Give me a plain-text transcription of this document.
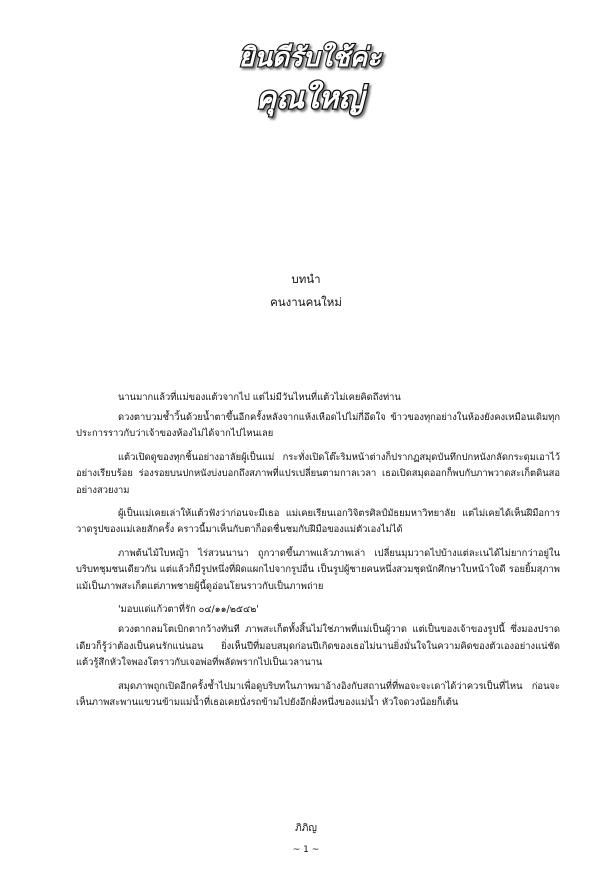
ยินดีรับใช้ค่ะ
คุณใหญ่
บทนำ
คนงานคนใหม่

นานมากแล้วที่แม่ของแต้วจากไป แต่ไม่มีวันไหนที่แต้วไม่เคยคิดถึงท่าน

ดวงตาบวมช้ำวิ้นด้วยน้ำตาขึ้นอีกครั้งหลังจากแห้งเหือดไปไม่กี่อึดใจ ข้าวของทุกอย่างในห้องยังคงเหมือนเดิมทุกประการราวกับว่าเจ้าของห้องไม่ได้จากไปไหนเลย

แต้วเปิดดูของทุกชิ้นอย่างอาลัยผู้เป็นแม่ กระทั่งเปิดโต๊ะริมหน้าต่างก็ปรากฏสมุดบันทึกปกหนังกลัดกระดุมเอาไว้อย่างเรียบร้อย ร่องรอยบนปกหนังบ่งบอกถึงสภาพที่แปรเปลี่ยนตามกาลเวลา เธอเปิดสมุดออกก็พบกับภาพวาดสะเก็ตดินสออย่างสวยงาม

ผู้เป็นแม่เคยเล่าให้แต้วฟังว่าก่อนจะมีเธอ แม่เคยเรียนเอกวิจิตรศิลป์มัธยมหาวิทยาลัย แต่ไม่เคยได้เห็นฝีมือการวาดรูปของแม่เลยสักครั้ง คราวนี้มาเห็นกับตาก็อดชื่นชมกับฝีมือของแม่ตัวเองไม่ได้

ภาพต้นไม้ใบหญ้า ไร่สวนนานา ถูกวาดขึ้นภาพแล้วภาพเล่า เปลี่ยนมุมวาดไปบ้างแต่ละเนได้ไม่ยากว่าอยู่ในบริบทชุมชนเดียวกัน แต่แล้วก็มีรูปหนึ่งที่ผิดแผกไปจากรูปอื่น เป็นรูปผู้ชายคนหนึ่งสวมชุดนักศึกษาใบหน้าใจดี รอยยิ้มสุภาพ แม้เป็นภาพสะเก็ตแต่ภาพชายผู้นี้ดูอ่อนโยนราวกับเป็นภาพถ่าย

'มอบแด่แก้วตาที่รัก ๐๔/๑๑/๒๕๔๒'

ดวงตากลมโตเบิกตากว้างทันที ภาพสะเก็ตทั้งสิ้นไม่ใช่ภาพที่แม่เป็นผู้วาด แต่เป็นของเจ้าของรูปนี้ ซึ่งมองปราดเดียวก็รู้ว่าต้องเป็นคนรักแน่นอน ยิ่งเห็นปีที่มอบสมุดก่อนปีเกิดของเธอไม่นานยิ่งมั่นใจในความคิดของตัวเองอย่างแน่ชัด แต้วรู้สึกหัวใจพองโตราวกับเจอพ่อที่พลัดพรากไปเป็นเวลานาน

สมุดภาพถูกเปิดอีกครั้งช้ำไปมาเพื่อดูบริบทในภาพมาอ้างอิงกับสถานที่ที่พอจะจะเดาได้ว่าควรเป็นที่ไหน ก่อนจะเห็นภาพสะพานแขวนข้ามแม่น้ำที่เธอเคยนั่งรถข้ามไปยังอีกฝั่งหนึ่งของแม่น้ำ หัวใจดวงน้อยก็เต้น

ภิภิญ
~ 1 ~
